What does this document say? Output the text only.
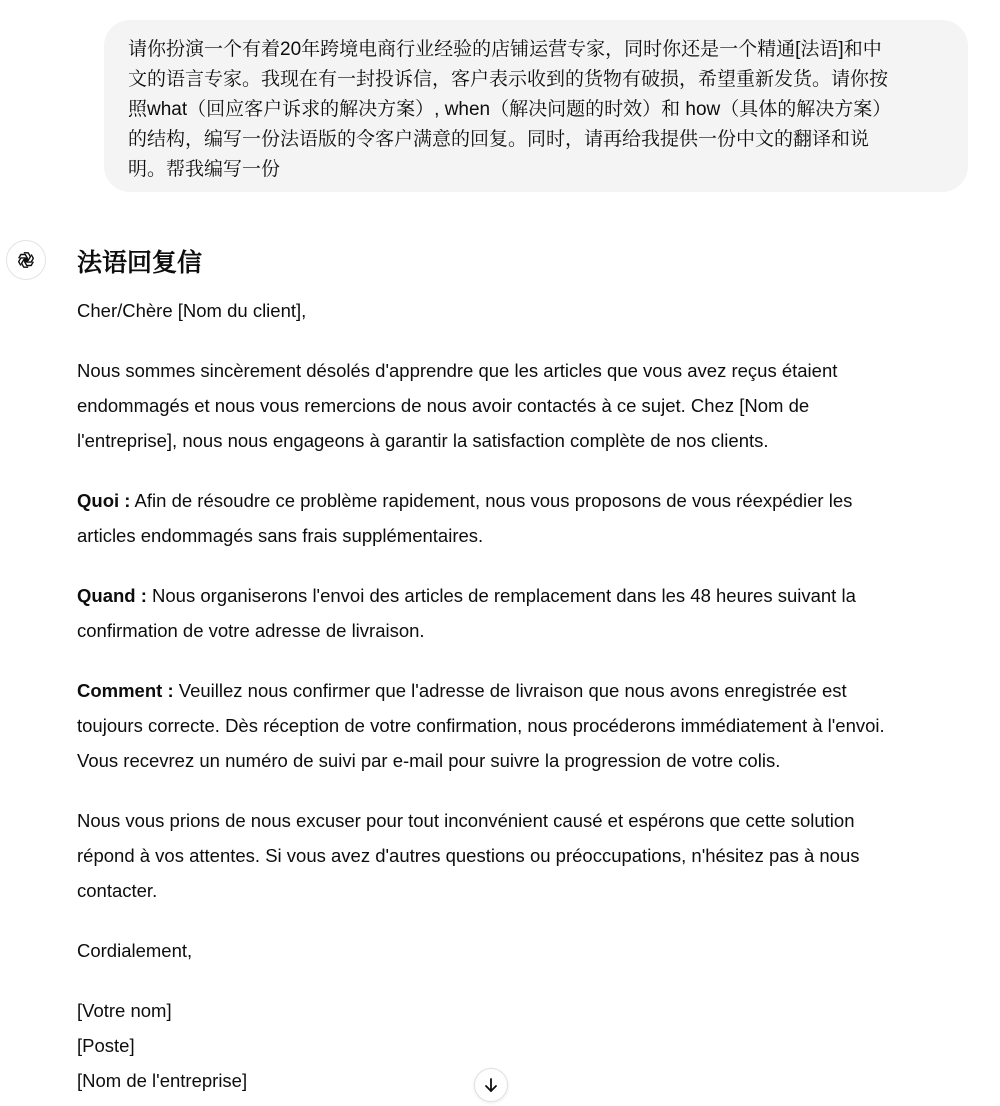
请你扮演一个有着20年跨境电商行业经验的店铺运营专家，同时你还是一个精通[法语]和中
文的语言专家。我现在有一封投诉信，客户表示收到的货物有破损，希望重新发货。请你按
照what（回应客户诉求的解决方案）, when（解决问题的时效）和 how（具体的解决方案）
的结构，编写一份法语版的令客户满意的回复。同时，请再给我提供一份中文的翻译和说
明。帮我编写一份
法语回复信
Cher/Chère [Nom du client],
Nous sommes sincèrement désolés d'apprendre que les articles que vous avez reçus étaient
endommagés et nous vous remercions de nous avoir contactés à ce sujet. Chez [Nom de
l'entreprise], nous nous engageons à garantir la satisfaction complète de nos clients.
Quoi : Afin de résoudre ce problème rapidement, nous vous proposons de vous réexpédier les
articles endommagés sans frais supplémentaires.
Quand : Nous organiserons l'envoi des articles de remplacement dans les 48 heures suivant la
confirmation de votre adresse de livraison.
Comment : Veuillez nous confirmer que l'adresse de livraison que nous avons enregistrée est
toujours correcte. Dès réception de votre confirmation, nous procéderons immédiatement à l'envoi.
Vous recevrez un numéro de suivi par e-mail pour suivre la progression de votre colis.
Nous vous prions de nous excuser pour tout inconvénient causé et espérons que cette solution
répond à vos attentes. Si vous avez d'autres questions ou préoccupations, n'hésitez pas à nous
contacter.
Cordialement,
[Votre nom]
[Poste]
[Nom de l'entreprise]
